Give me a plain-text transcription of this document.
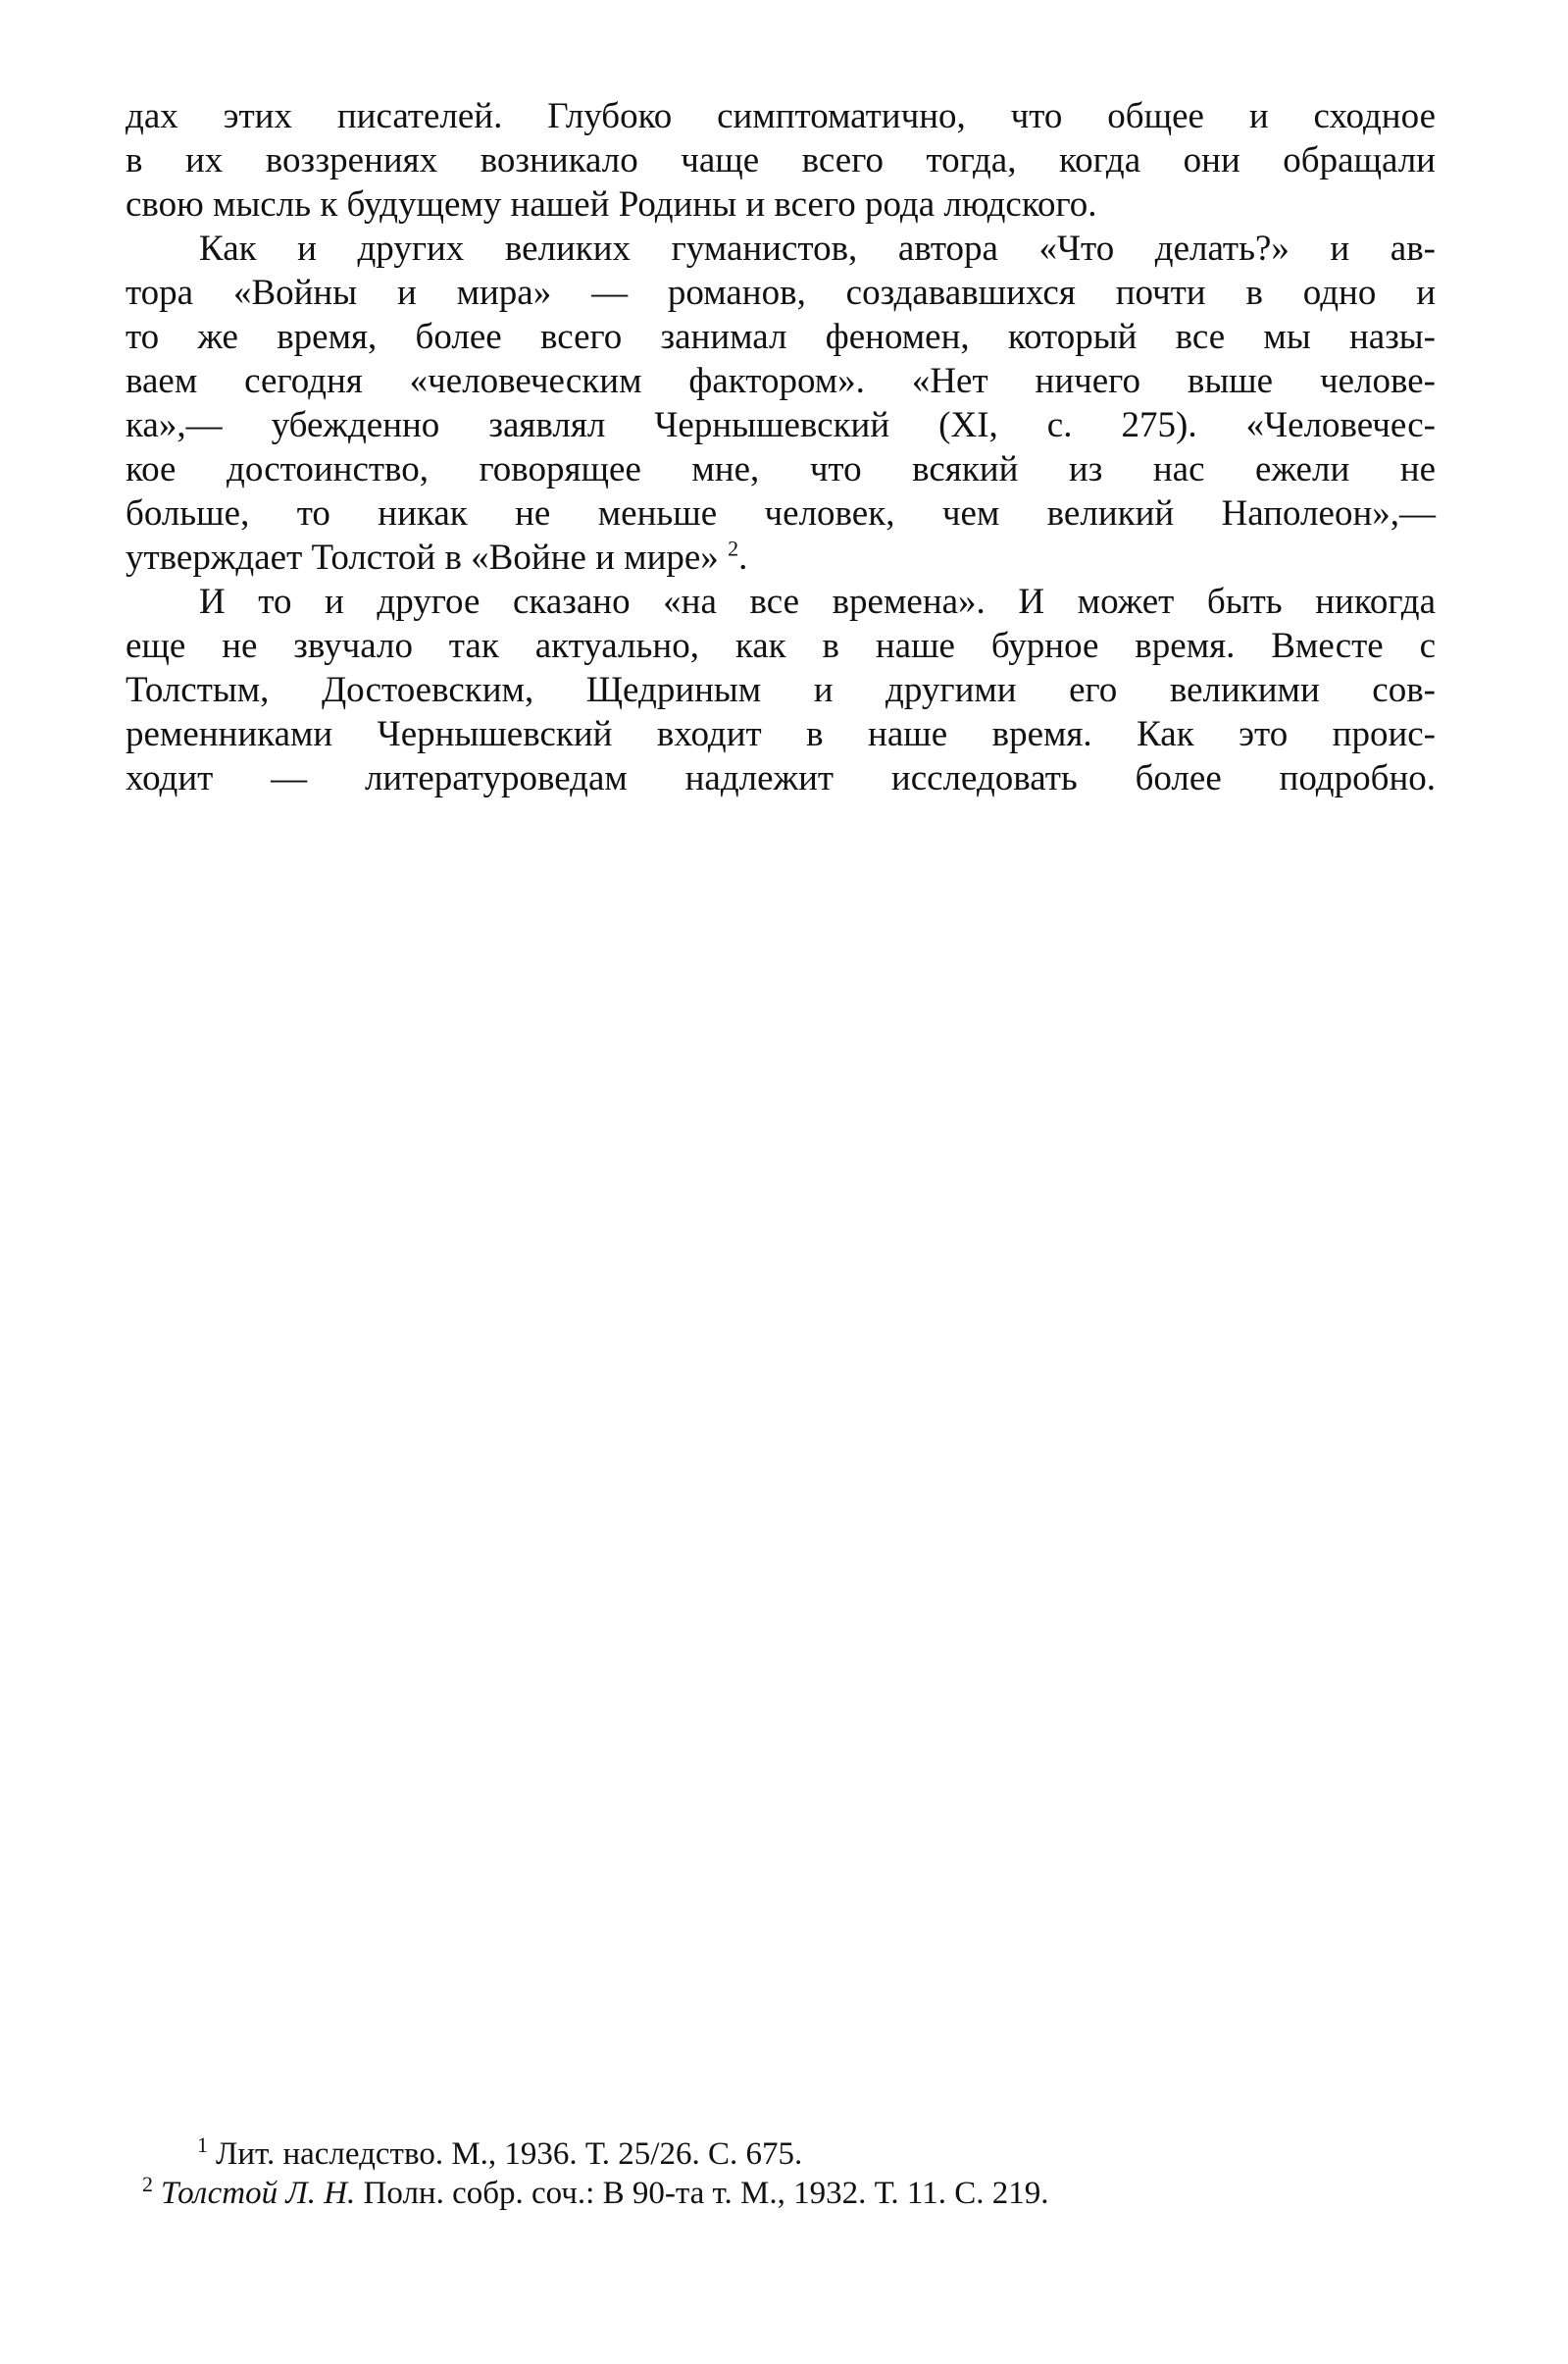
дах этих писателей. Глубоко симптоматично, что общее и сходное
в их воззрениях возникало чаще всего тогда, когда они обращали
свою мысль к будущему нашей Родины и всего рода людского.
Как и других великих гуманистов, автора «Что делать?» и ав-
тора «Войны и мира» — романов, создававшихся почти в одно и
то же время, более всего занимал феномен, который все мы назы-
ваем сегодня «человеческим фактором». «Нет ничего выше челове-
ка»,— убежденно заявлял Чернышевский (XI, с. 275). «Человечес-
кое достоинство, говорящее мне, что всякий из нас ежели не
больше, то никак не меньше человек, чем великий Наполеон»,—
утверждает Толстой в «Войне и мире» $^2$.
И то и другое сказано «на все времена». И может быть никогда
еще не звучало так актуально, как в наше бурное время. Вместе с
Толстым, Достоевским, Щедриным и другими его великими сов-
ременниками Чернышевский входит в наше время. Как это проис-
ходит — литературоведам надлежит исследовать более подробно.
1 Лит. наследство. М., 1936. Т. 25/26. С. 675.
2 Толстой Л. Н. Полн. собр. соч.: В 90-та т. М., 1932. Т. 11. С. 219.
